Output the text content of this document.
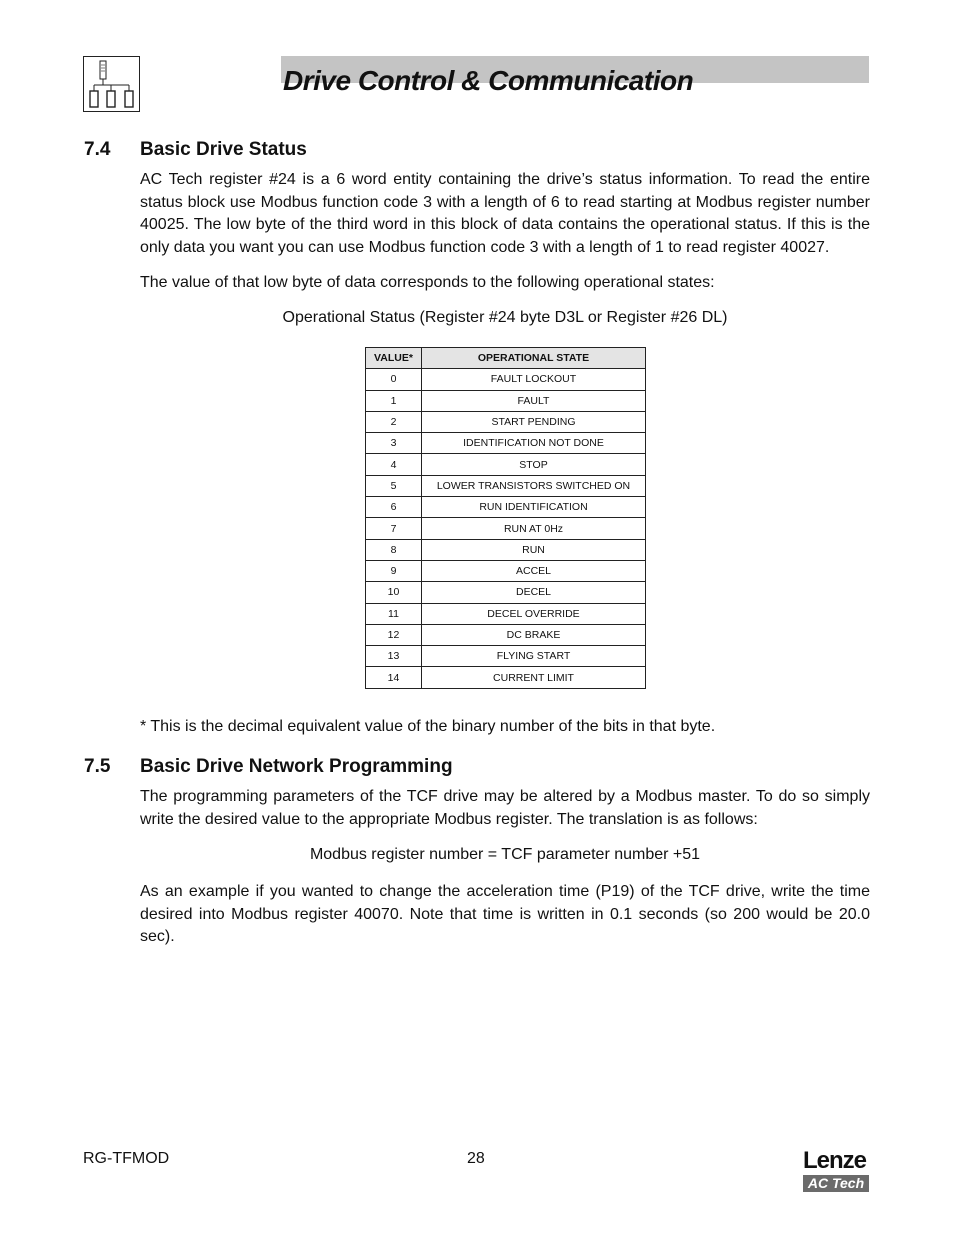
Drive Control & Communication
7.4 Basic Drive Status
AC Tech register #24 is a 6 word entity containing the drive’s status information. To read the entire status block use Modbus function code 3 with a length of 6 to read starting at Modbus register number 40025. The low byte of the third word in this block of data contains the operational status. If this is the only data you want you can use Modbus function code 3 with a length of 1 to read register 40027.
The value of that low byte of data corresponds to the following operational states:
Operational Status (Register #24 byte D3L or Register #26 DL)
VALUE*	OPERATIONAL STATE
0	FAULT LOCKOUT
1	FAULT
2	START PENDING
3	IDENTIFICATION NOT DONE
4	STOP
5	LOWER TRANSISTORS SWITCHED ON
6	RUN IDENTIFICATION
7	RUN AT 0Hz
8	RUN
9	ACCEL
10	DECEL
11	DECEL OVERRIDE
12	DC BRAKE
13	FLYING START
14	CURRENT LIMIT
* This is the decimal equivalent value of the binary number of the bits in that byte.
7.5 Basic Drive Network Programming
The programming parameters of the TCF drive may be altered by a Modbus master. To do so simply write the desired value to the appropriate Modbus register. The translation is as follows:
Modbus register number = TCF parameter number +51
As an example if you wanted to change the acceleration time (P19) of the TCF drive, write the time desired into Modbus register 40070. Note that time is written in 0.1 seconds (so 200 would be 20.0 sec).
RG-TFMOD	28	Lenze
AC Tech
